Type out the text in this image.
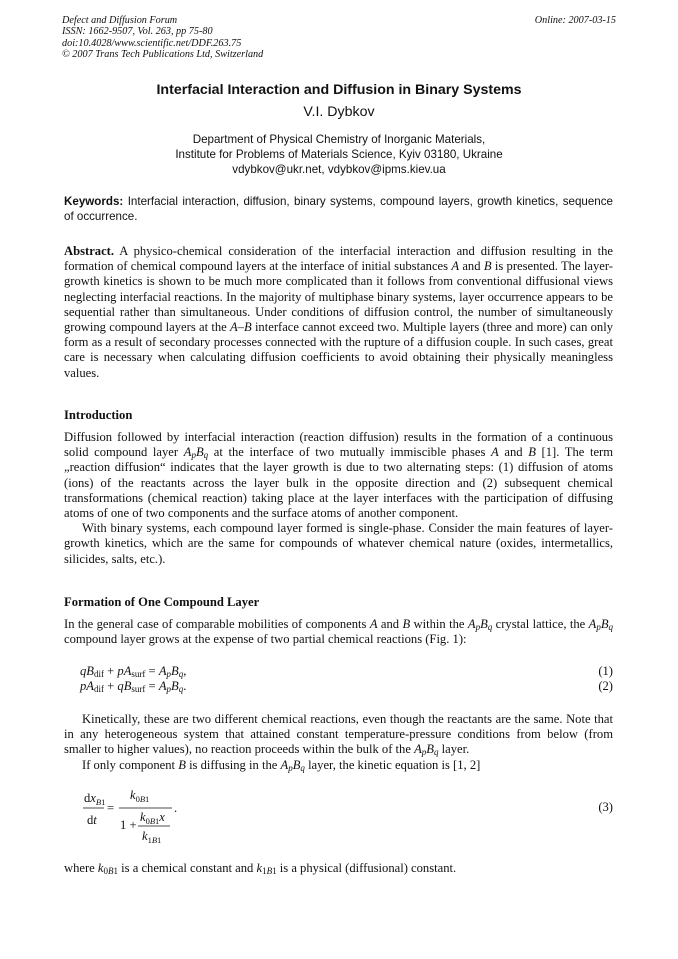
Defect and Diffusion Forum
ISSN: 1662-9507, Vol. 263, pp 75-80
doi:10.4028/www.scientific.net/DDF.263.75
© 2007 Trans Tech Publications Ltd, Switzerland
Online: 2007-03-15
Interfacial Interaction and Diffusion in Binary Systems
V.I. Dybkov
Department of Physical Chemistry of Inorganic Materials,
Institute for Problems of Materials Science, Kyiv 03180, Ukraine
vdybkov@ukr.net, vdybkov@ipms.kiev.ua
Keywords: Interfacial interaction, diffusion, binary systems, compound layers, growth kinetics, sequence of occurrence.

Abstract. A physico-chemical consideration of the interfacial interaction and diffusion resulting in the formation of chemical compound layers at the interface of initial substances A and B is presented. The layer-growth kinetics is shown to be much more complicated than it follows from conventional diffusional views neglecting interfacial reactions. In the majority of multiphase binary systems, layer occurrence appears to be sequential rather than simultaneous. Under conditions of diffusion control, the number of simultaneously growing compound layers at the A–B interface cannot exceed two. Multiple layers (three and more) can only form as a result of secondary processes connected with the rupture of a diffusion couple. In such cases, great care is necessary when calculating diffusion coefficients to avoid obtaining their physically meaningless values.

Introduction

Diffusion followed by interfacial interaction (reaction diffusion) results in the formation of a continuous solid compound layer $A_pB_q$ at the interface of two mutually immiscible phases A and B [1]. The term „reaction diffusion“ indicates that the layer growth is due to two alternating steps: (1) diffusion of atoms (ions) of the reactants across the layer bulk in the opposite direction and (2) subsequent chemical transformations (chemical reaction) taking place at the layer interfaces with the participation of diffusing atoms of one of two components and the surface atoms of another component.

With binary systems, each compound layer formed is single-phase. Consider the main features of layer-growth kinetics, which are the same for compounds of whatever chemical nature (oxides, intermetallics, silicides, salts, etc.).

Formation of One Compound Layer

In the general case of comparable mobilities of components A and B within the $A_pB_q$ crystal lattice, the $A_pB_q$ compound layer grows at the expense of two partial chemical reactions (Fig. 1):

$qB_{dif} + pA_{surf} = A_pB_q$,	(1)
$pA_{dif} + qB_{surf} = A_pB_q$.	(2)

Kinetically, these are two different chemical reactions, even though the reactants are the same. Note that in any heterogeneous system that attained constant temperature-pressure conditions from below (from smaller to higher values), no reaction proceeds within the bulk of the $A_pB_q$ layer.

If only component B is diffusing in the $A_pB_q$ layer, the kinetic equation is [1, 2]

$dx_B1$
dt
=
$k_0B1$
1 +
$k_0B1x$
$k_1B1$
.	(3)

where $k_{0B1}$ is a chemical constant and $k_{1B1}$ is a physical (diffusional) constant.
